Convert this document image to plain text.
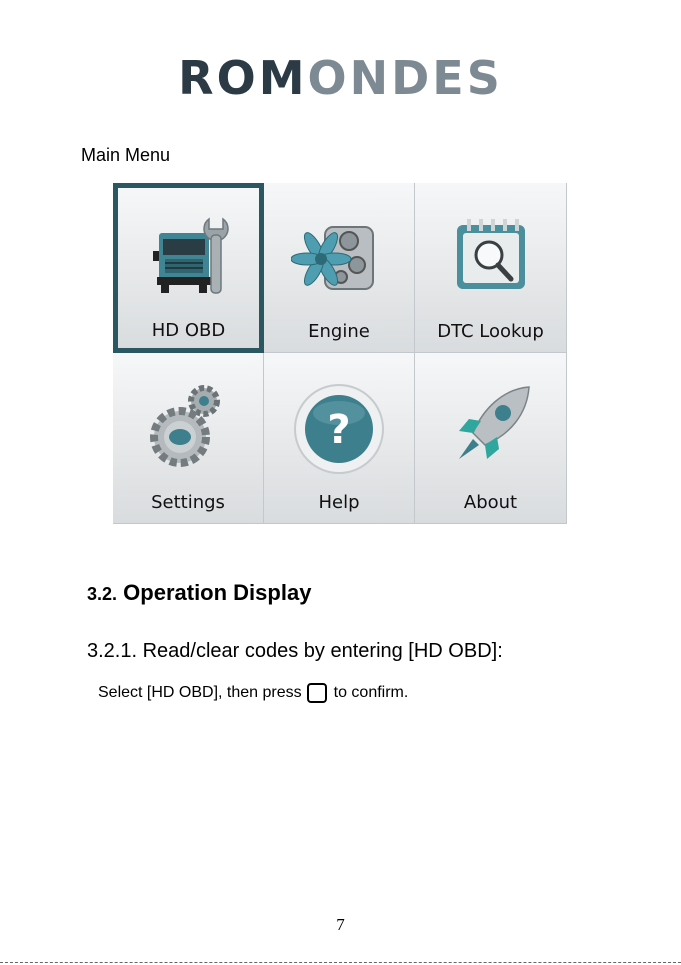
ROMONDES
Main Menu
HD OBD	Engine	DTC Lookup
Settings
?
Help	About
3.2. Operation Display
3.2.1. Read/clear codes by entering [HD OBD]:
Select [HD OBD], then press to confirm.
7
